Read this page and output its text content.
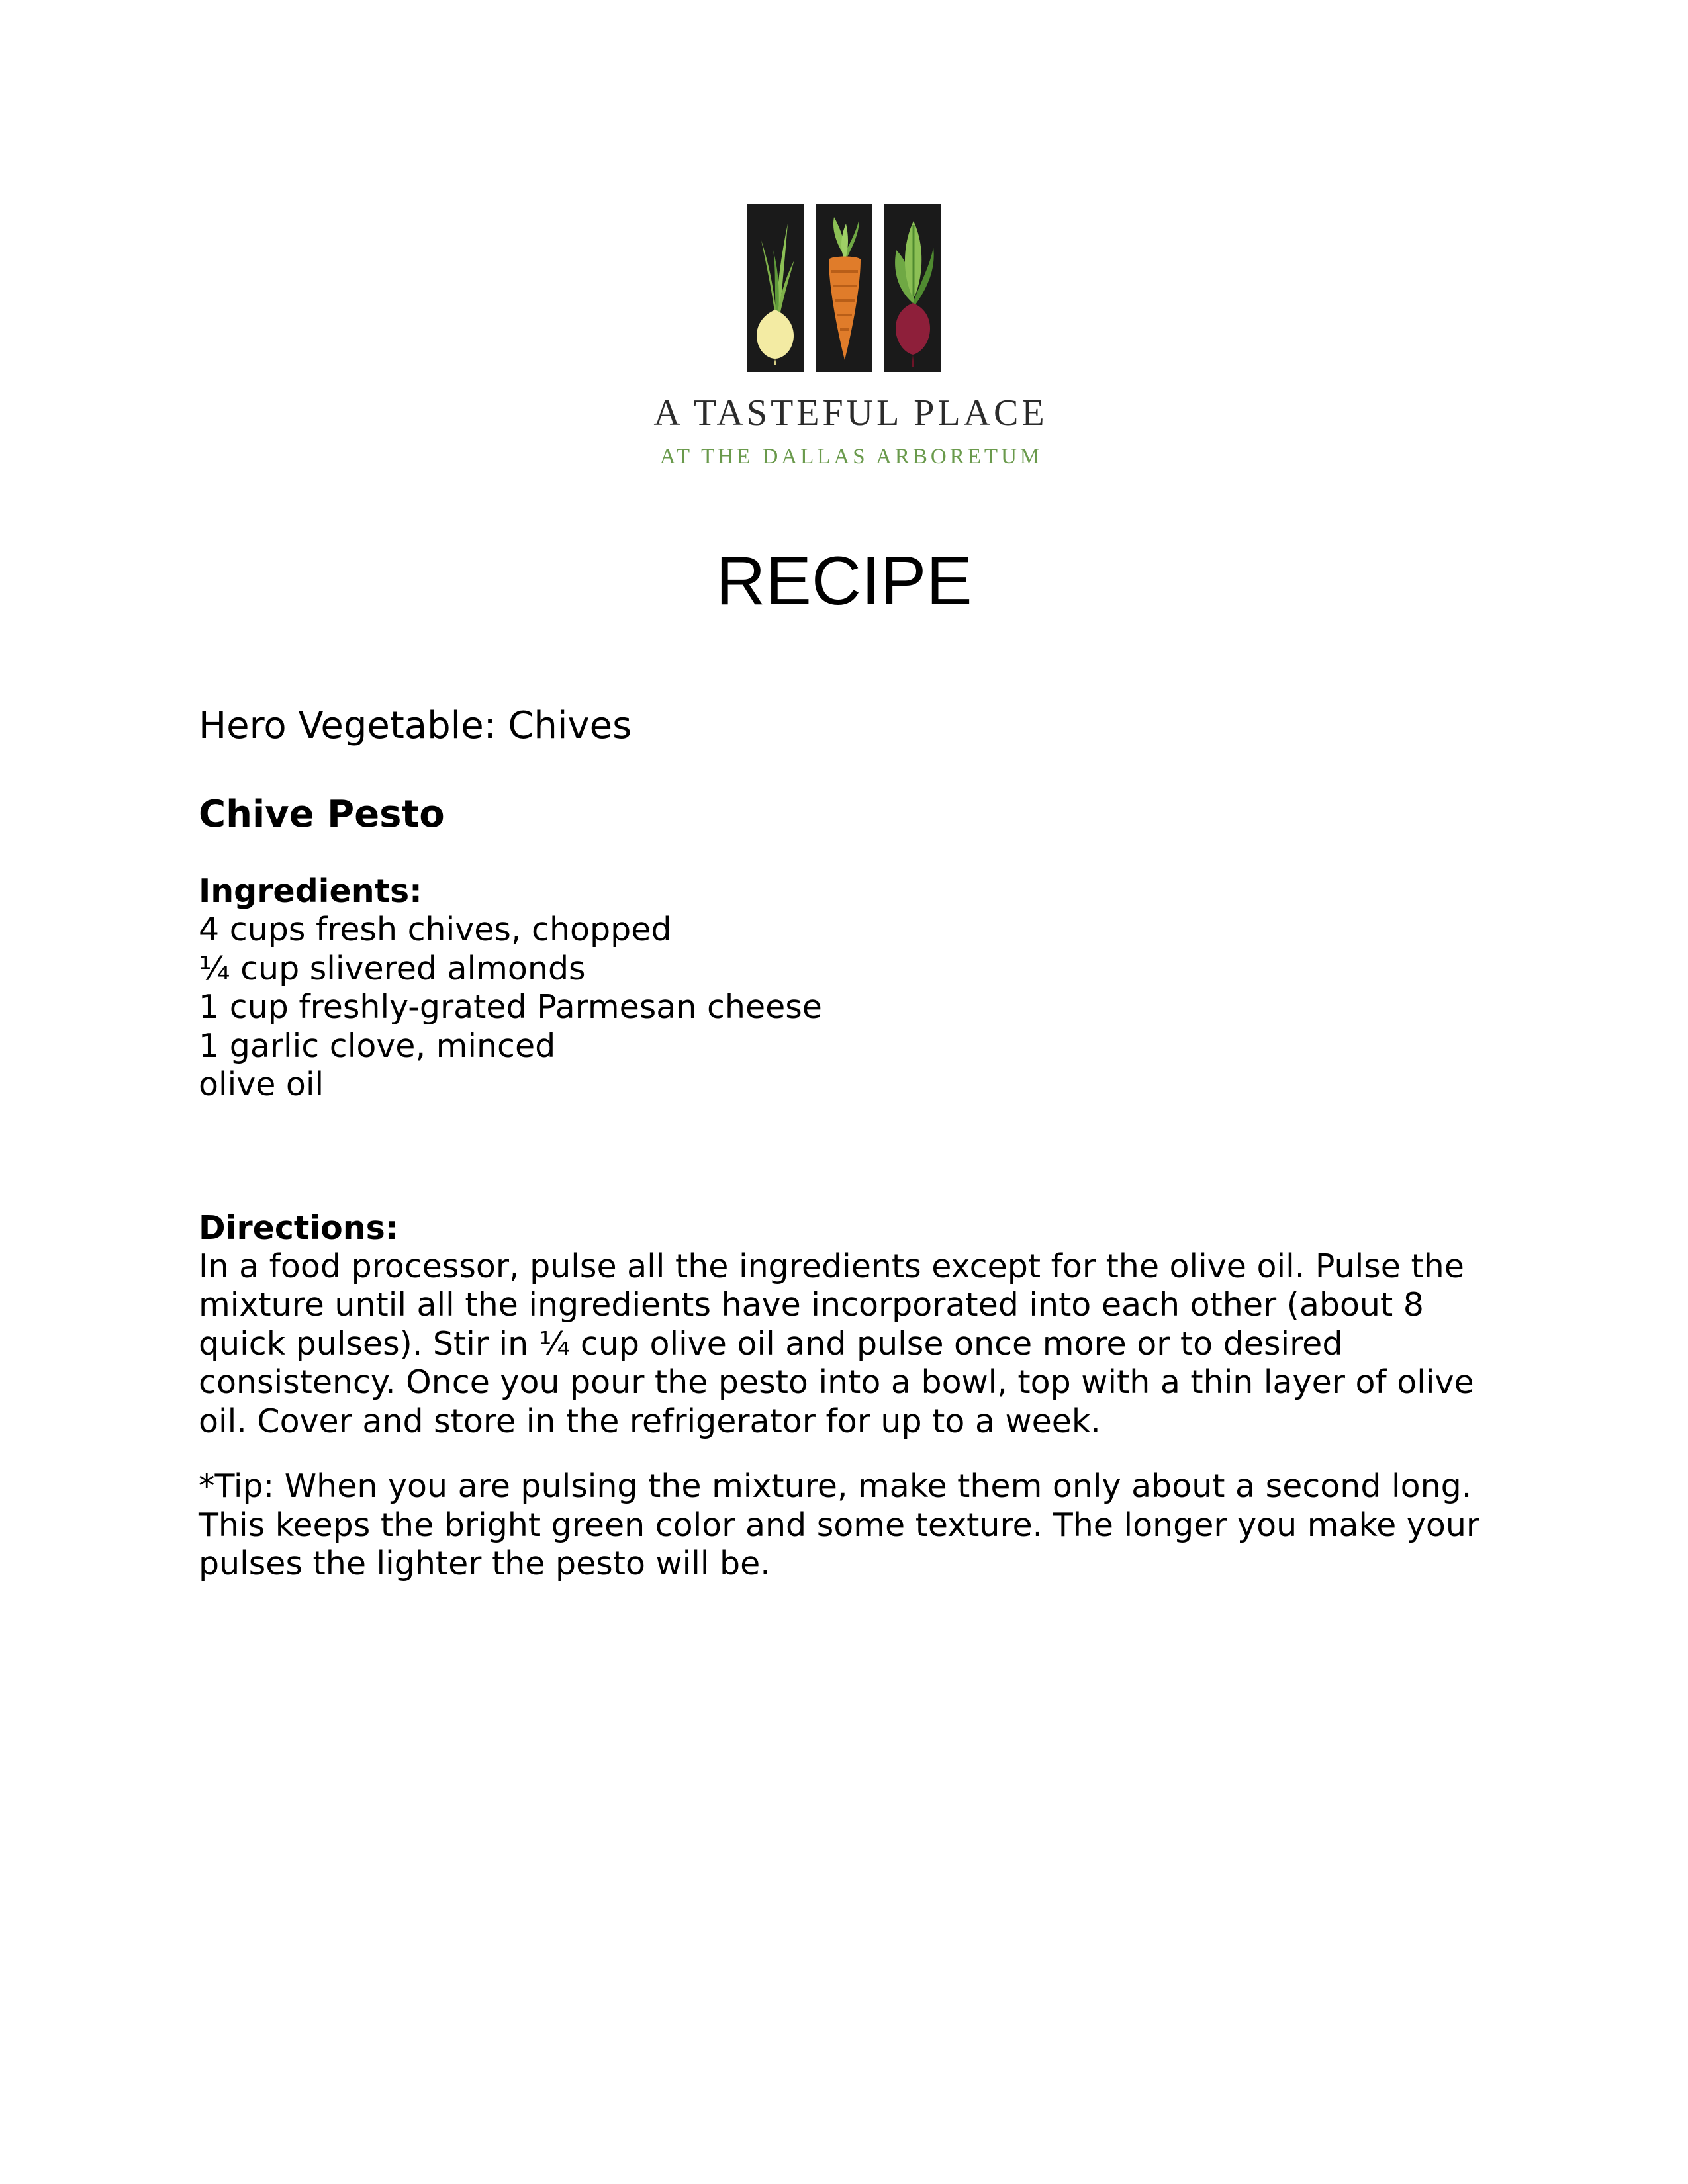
A TASTEFUL PLACE
AT THE DALLAS ARBORETUM
RECIPE

Hero Vegetable: Chives

Chive Pesto

Ingredients:

4 cups fresh chives, chopped
¼ cup slivered almonds
1 cup freshly-grated Parmesan cheese
1 garlic clove, minced
olive oil

Directions:

In a food processor, pulse all the ingredients except for the olive oil. Pulse the mixture until all the ingredients have incorporated into each other (about 8 quick pulses). Stir in ¼ cup olive oil and pulse once more or to desired consistency. Once you pour the pesto into a bowl, top with a thin layer of olive oil. Cover and store in the refrigerator for up to a week.

*Tip: When you are pulsing the mixture, make them only about a second long. This keeps the bright green color and some texture. The longer you make your pulses the lighter the pesto will be.
